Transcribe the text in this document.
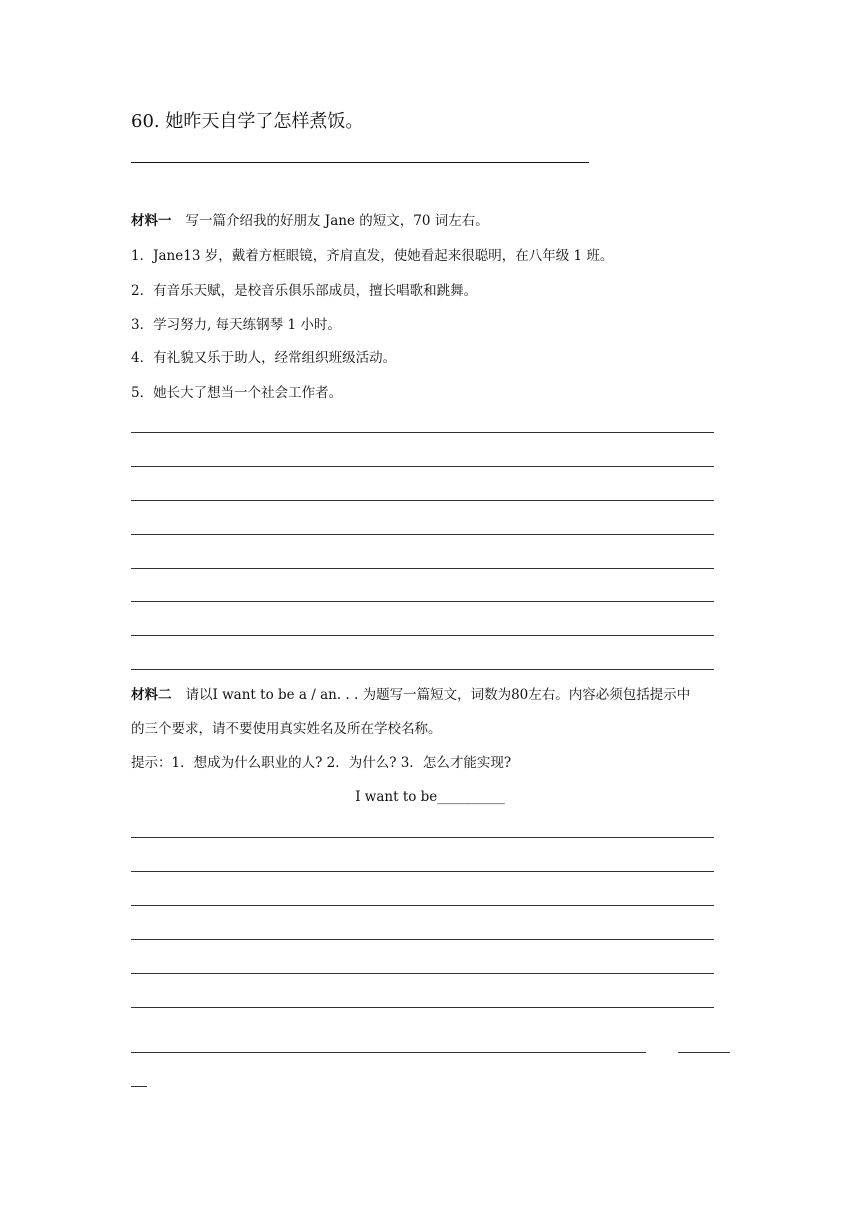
60. 她昨天自学了怎样煮饭。
材料一 写一篇介绍我的好朋友 Jane 的短文，70 词左右。
1．Jane13 岁，戴着方框眼镜，齐肩直发，使她看起来很聪明，在八年级 1 班。
2．有音乐天赋，是校音乐俱乐部成员，擅长唱歌和跳舞。
3．学习努力, 每天练钢琴 1 小时。
4．有礼貌又乐于助人，经常组织班级活动。
5．她长大了想当一个社会工作者。
材料二 请以I want to be a / an. . . 为题写一篇短文，词数为80左右。内容必须包括提示中
的三个要求，请不要使用真实姓名及所在学校名称。
提示：1．想成为什么职业的人? 2．为什么? 3．怎么才能实现?
I want to be__________
